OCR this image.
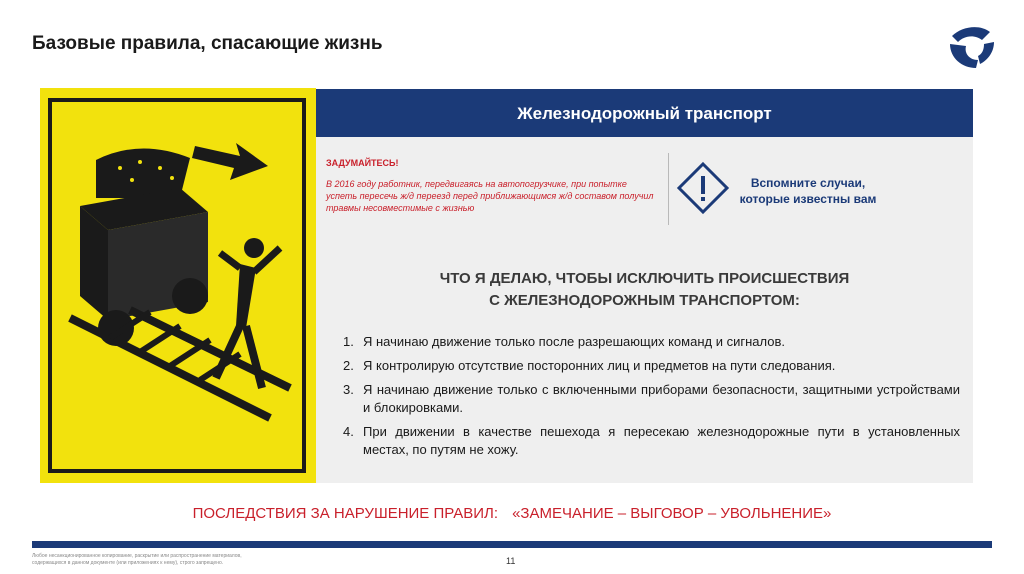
Базовые правила, спасающие жизнь
Железнодорожный транспорт
ЗАДУМАЙТЕСЬ!
В 2016 году работник, передвигаясь на автопогрузчике, при попытке успеть пересечь ж/д переезд перед приближающимся ж/д составом получил травмы несовместимые с жизнью
Вспомните случаи, которые известны вам
ЧТО Я ДЕЛАЮ, ЧТОБЫ ИСКЛЮЧИТЬ ПРОИСШЕСТВИЯ
С ЖЕЛЕЗНОДОРОЖНЫМ ТРАНСПОРТОМ:
1. Я начинаю движение только после разрешающих команд и сигналов.
2. Я контролирую отсутствие посторонних лиц и предметов на пути следования.
3. Я начинаю движение только с включенными приборами безопасности, защитными устройствами и блокировками.
4. При движении в качестве пешехода я пересекаю железнодорожные пути в установленных местах, по путям не хожу.
ПОСЛЕДСТВИЯ ЗА НАРУШЕНИЕ ПРАВИЛ: «ЗАМЕЧАНИЕ – ВЫГОВОР – УВОЛЬНЕНИЕ»
Любое несанкционированное копирование, раскрытие или распространение материалов, содержащихся в данном документе (или приложениях к нему), строго запрещено.	11
